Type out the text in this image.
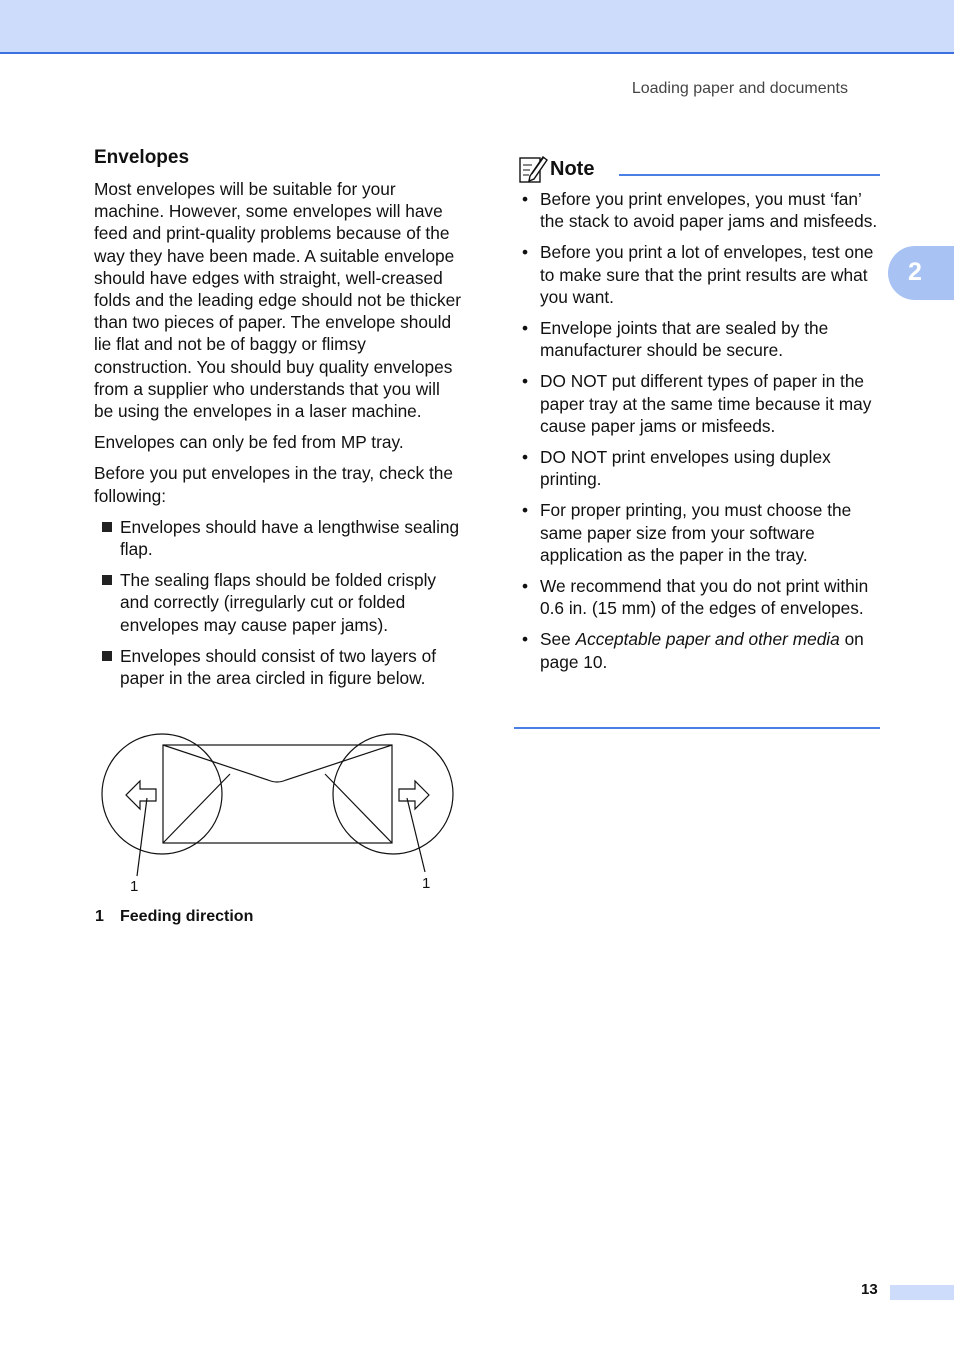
Loading paper and documents
2
Envelopes

Most envelopes will be suitable for your machine. However, some envelopes will have feed and print-quality problems because of the way they have been made. A suitable envelope should have edges with straight, well-creased folds and the leading edge should not be thicker than two pieces of paper. The envelope should lie flat and not be of baggy or flimsy construction. You should buy quality envelopes from a supplier who understands that you will be using the envelopes in a laser machine.

Envelopes can only be fed from MP tray.

Before you put envelopes in the tray, check the following:

Envelopes should have a lengthwise sealing flap.
The sealing flaps should be folded crisply and correctly (irregularly cut or folded envelopes may cause paper jams).
Envelopes should consist of two layers of paper in the area circled in figure below.
1	1
1 Feeding direction
Note
• Before you print envelopes, you must ‘fan’ the stack to avoid paper jams and misfeeds.
• Before you print a lot of envelopes, test one to make sure that the print results are what you want.
• Envelope joints that are sealed by the manufacturer should be secure.
• DO NOT put different types of paper in the paper tray at the same time because it may cause paper jams or misfeeds.
• DO NOT print envelopes using duplex printing.
• For proper printing, you must choose the same paper size from your software application as the paper in the tray.
• We recommend that you do not print within 0.6 in. (15 mm) of the edges of envelopes.
• See Acceptable paper and other media on page 10.
13
